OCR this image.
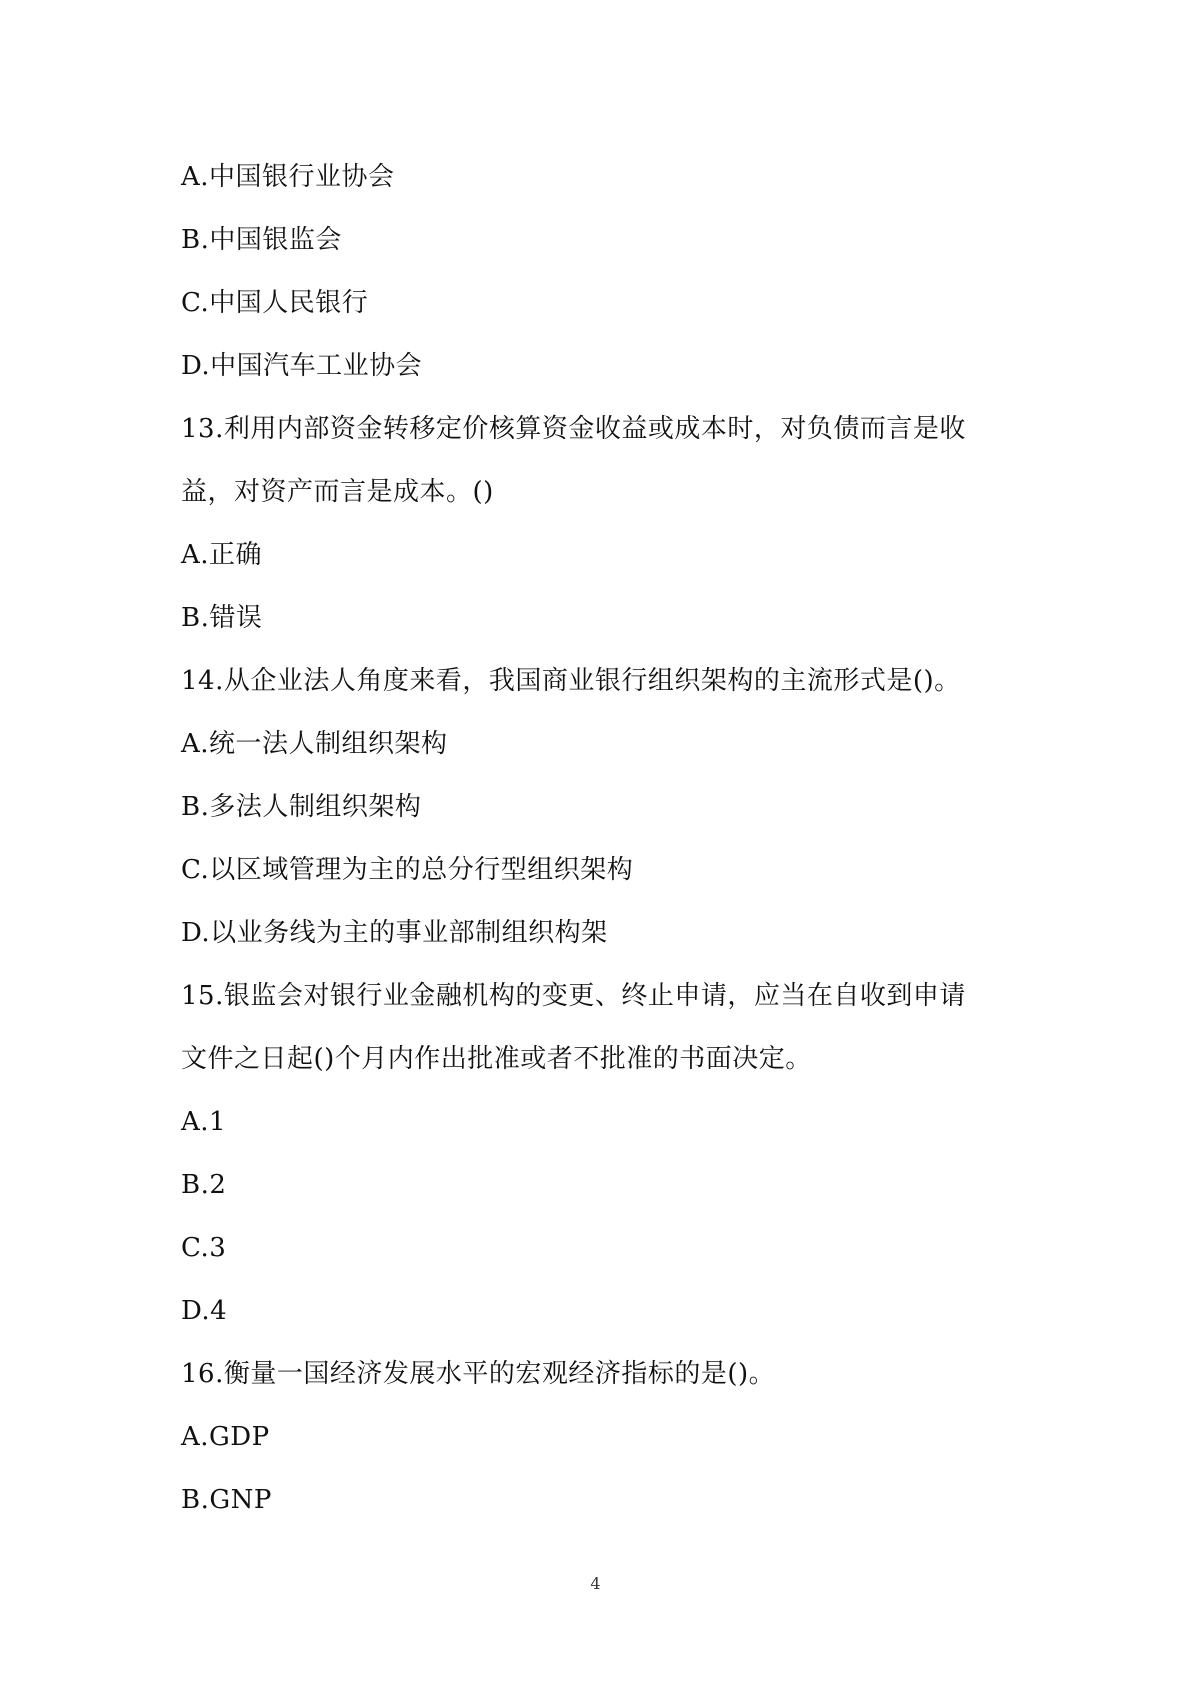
A.中国银行业协会
B.中国银监会
C.中国人民银行
D.中国汽车工业协会
13.利用内部资金转移定价核算资金收益或成本时，对负债而言是收
益，对资产而言是成本。()
A.正确
B.错误
14.从企业法人角度来看，我国商业银行组织架构的主流形式是()。
A.统一法人制组织架构
B.多法人制组织架构
C.以区域管理为主的总分行型组织架构
D.以业务线为主的事业部制组织构架
15.银监会对银行业金融机构的变更、终止申请，应当在自收到申请
文件之日起()个月内作出批准或者不批准的书面决定。
A.1
B.2
C.3
D.4
16.衡量一国经济发展水平的宏观经济指标的是()。
A.GDP
B.GNP
4
